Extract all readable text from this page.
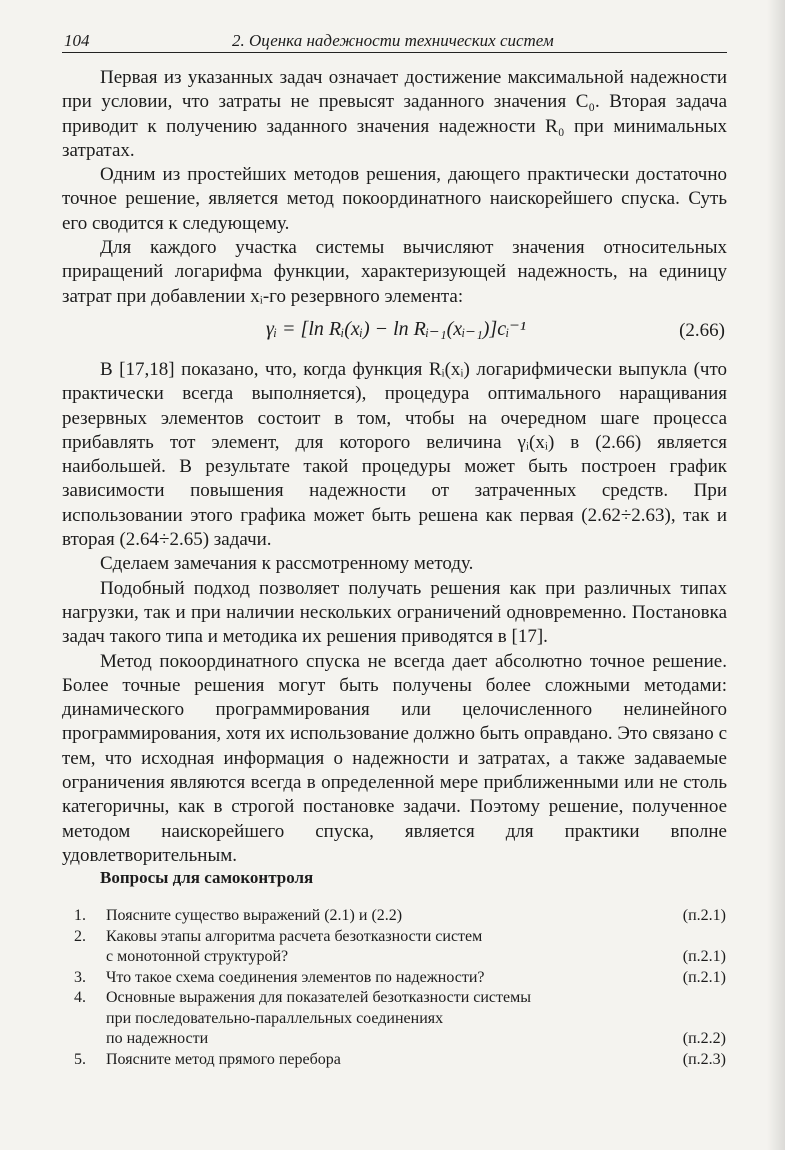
104	2. Оценка надежности технических систем

Первая из указанных задач означает достижение максимальной надежности при условии, что затраты не превысят заданного значения C₀. Вторая задача приводит к получению заданного значения надежности R₀ при минимальных затратах.

Одним из простейших методов решения, дающего практически достаточно точное решение, является метод покоординатного наискорейшего спуска. Суть его сводится к следующему.

Для каждого участка системы вычисляют значения относительных приращений логарифма функции, характеризующей надежность, на единицу затрат при добавлении xᵢ-го резервного элемента:

γᵢ = [ln Rᵢ(xᵢ) − ln Rᵢ₋₁(xᵢ₋₁)]cᵢ⁻¹	(2.66)

В [17,18] показано, что, когда функция Rᵢ(xᵢ) логарифмически выпукла (что практически всегда выполняется), процедура оптимального наращивания резервных элементов состоит в том, чтобы на очередном шаге процесса прибавлять тот элемент, для которого величина γᵢ(xᵢ) в (2.66) является наибольшей. В результате такой процедуры может быть построен график зависимости повышения надежности от затраченных средств. При использовании этого графика может быть решена как первая (2.62÷2.63), так и вторая (2.64÷2.65) задачи.

Сделаем замечания к рассмотренному методу.

Подобный подход позволяет получать решения как при различных типах нагрузки, так и при наличии нескольких ограничений одновременно. Постановка задач такого типа и методика их решения приводятся в [17].

Метод покоординатного спуска не всегда дает абсолютно точное решение. Более точные решения могут быть получены более сложными методами: динамического программирования или целочисленного нелинейного программирования, хотя их использование должно быть оправдано. Это связано с тем, что исходная информация о надежности и затратах, а также задаваемые ограничения являются всегда в определенной мере приближенными или не столь категоричны, как в строгой постановке задачи. Поэтому решение, полученное методом наискорейшего спуска, является для практики вполне удовлетворительным.

Вопросы для самоконтроля
1. Поясните существо выражений (2.1) и (2.2)	(п.2.1)
2. Каковы этапы алгоритма расчета безотказности систем
с монотонной структурой?	(п.2.1)
3. Что такое схема соединения элементов по надежности?	(п.2.1)
4. Основные выражения для показателей безотказности системы
при последовательно-параллельных соединениях
по надежности	(п.2.2)
5. Поясните метод прямого перебора	(п.2.3)
